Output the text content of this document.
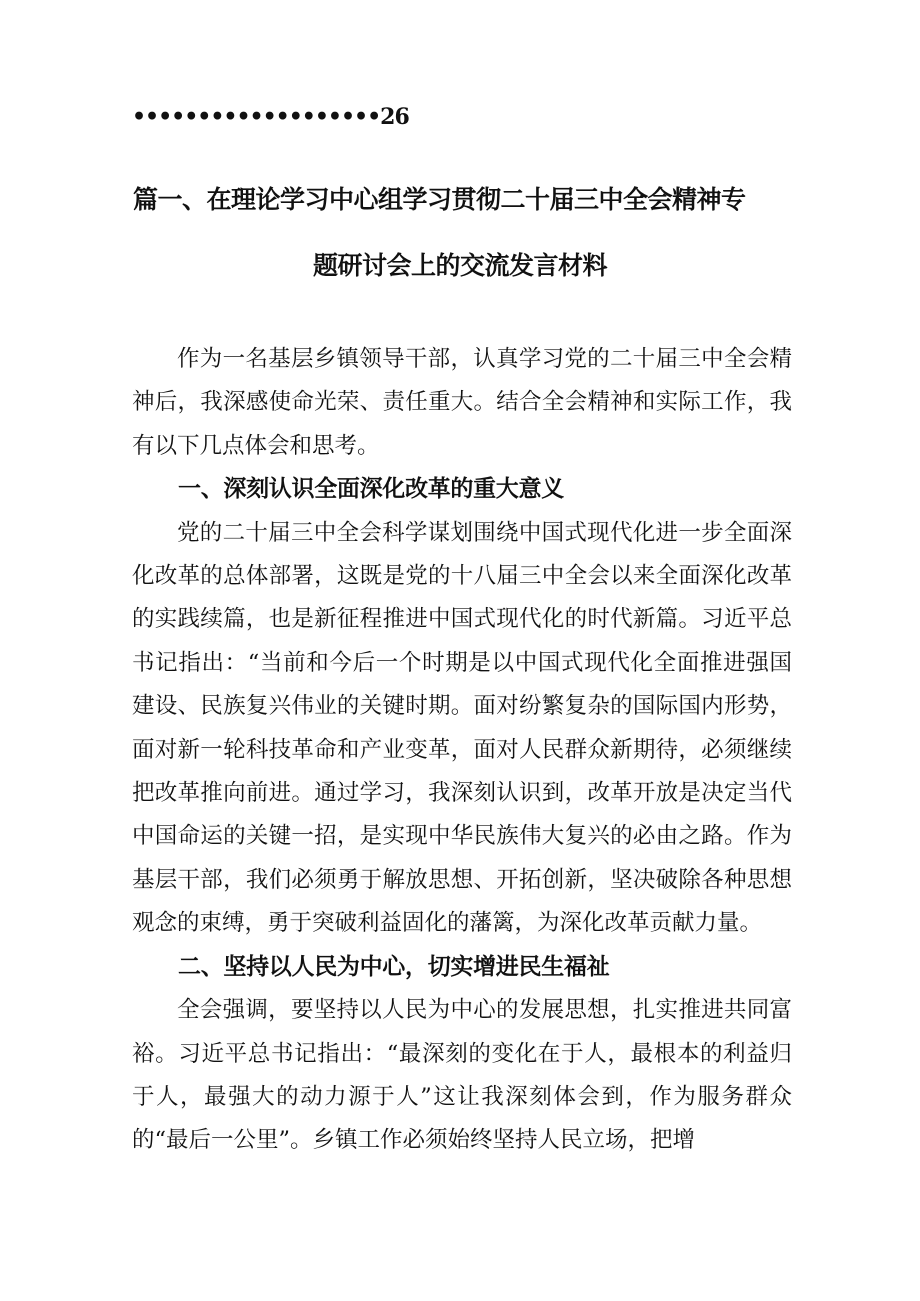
•••••••••••••••••••26
篇一、在理论学习中心组学习贯彻二十届三中全会精神专
题研讨会上的交流发言材料

作为一名基层乡镇领导干部，认真学习党的二十届三中全会精神后，我深感使命光荣、责任重大。结合全会精神和实际工作，我有以下几点体会和思考。

一、深刻认识全面深化改革的重大意义

党的二十届三中全会科学谋划围绕中国式现代化进一步全面深化改革的总体部署，这既是党的十八届三中全会以来全面深化改革的实践续篇，也是新征程推进中国式现代化的时代新篇。习近平总书记指出：“当前和今后一个时期是以中国式现代化全面推进强国建设、民族复兴伟业的关键时期。面对纷繁复杂的国际国内形势，面对新一轮科技革命和产业变革，面对人民群众新期待，必须继续把改革推向前进。通过学习，我深刻认识到，改革开放是决定当代中国命运的关键一招，是实现中华民族伟大复兴的必由之路。作为基层干部，我们必须勇于解放思想、开拓创新，坚决破除各种思想观念的束缚，勇于突破利益固化的藩篱，为深化改革贡献力量。

二、坚持以人民为中心，切实增进民生福祉

全会强调，要坚持以人民为中心的发展思想，扎实推进共同富裕。习近平总书记指出：“最深刻的变化在于人，最根本的利益归于人，最强大的动力源于人”这让我深刻体会到，作为服务群众的“最后一公里”。乡镇工作必须始终坚持人民立场，把增
